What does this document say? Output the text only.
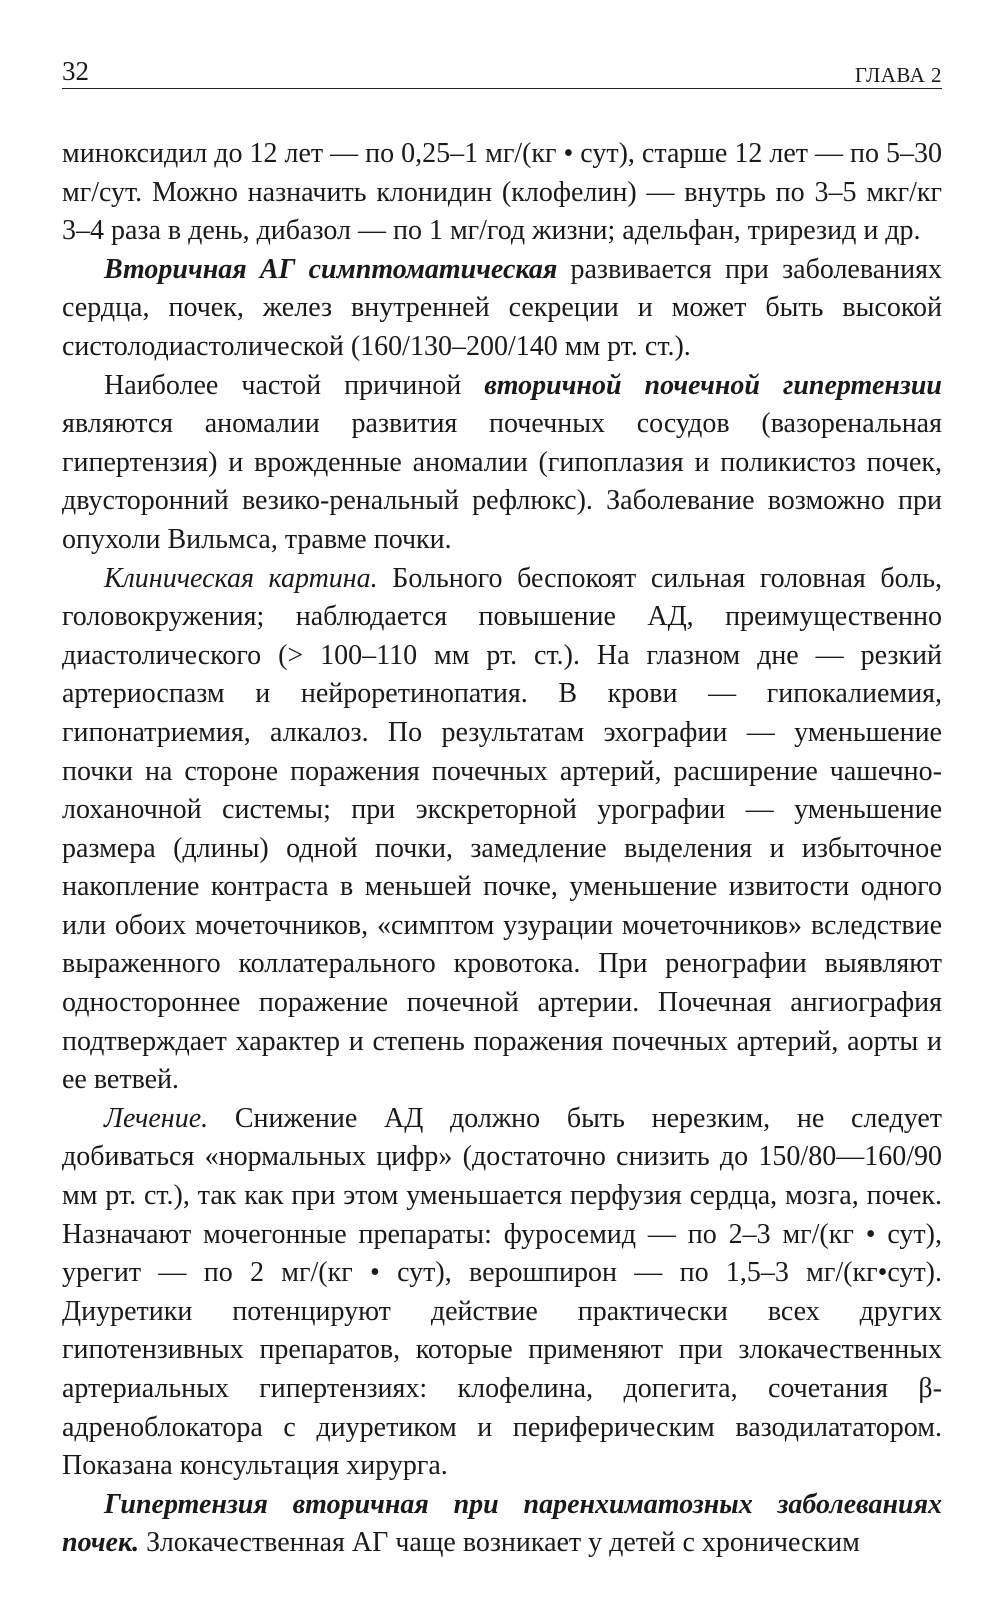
32	ГЛАВА 2

миноксидил до 12 лет — по 0,25–1 мг/(кг • сут), старше 12 лет — по 5–30 мг/сут. Можно назначить клонидин (клофелин) — внутрь по 3–5 мкг/кг 3–4 раза в день, дибазол — по 1 мг/год жизни; адельфан, трирезид и др.

Вторичная АГ симптоматическая развивается при заболеваниях сердца, почек, желез внутренней секреции и может быть высокой систолодиастолической (160/130–200/140 мм рт. ст.).

Наиболее частой причиной вторичной почечной гипертензии являются аномалии развития почечных сосудов (вазоренальная гипертензия) и врожденные аномалии (гипоплазия и поликистоз почек, двусторонний везико-ренальный рефлюкс). Заболевание возможно при опухоли Вильмса, травме почки.

Клиническая картина. Больного беспокоят сильная головная боль, головокружения; наблюдается повышение АД, преимущественно диастолического (> 100–110 мм рт. ст.). На глазном дне — резкий артериоспазм и нейроретинопатия. В крови — гипокалиемия, гипонатриемия, алкалоз. По результатам эхографии — уменьшение почки на стороне поражения почечных артерий, расширение чашечно-лоханочной системы; при экскреторной урографии — уменьшение размера (длины) одной почки, замедление выделения и избыточное накопление контраста в меньшей почке, уменьшение извитости одного или обоих мочеточников, «симптом узурации мочеточников» вследствие выраженного коллатерального кровотока. При ренографии выявляют одностороннее поражение почечной артерии. Почечная ангиография подтверждает характер и степень поражения почечных артерий, аорты и ее ветвей.

Лечение. Снижение АД должно быть нерезким, не следует добиваться «нормальных цифр» (достаточно снизить до 150/80—160/90 мм рт. ст.), так как при этом уменьшается перфузия сердца, мозга, почек. Назначают мочегонные препараты: фуросемид — по 2–3 мг/(кг • сут), урегит — по 2 мг/(кг • сут), верошпирон — по 1,5–3 мг/(кг•сут). Диуретики потенцируют действие практически всех других гипотензивных препаратов, которые применяют при злокачественных артериальных гипертензиях: клофелина, допегита, сочетания β-адреноблокатора с диуретиком и периферическим вазодилататором. Показана консультация хирурга.

Гипертензия вторичная при паренхиматозных заболеваниях почек. Злокачественная АГ чаще возникает у детей с хроническим
